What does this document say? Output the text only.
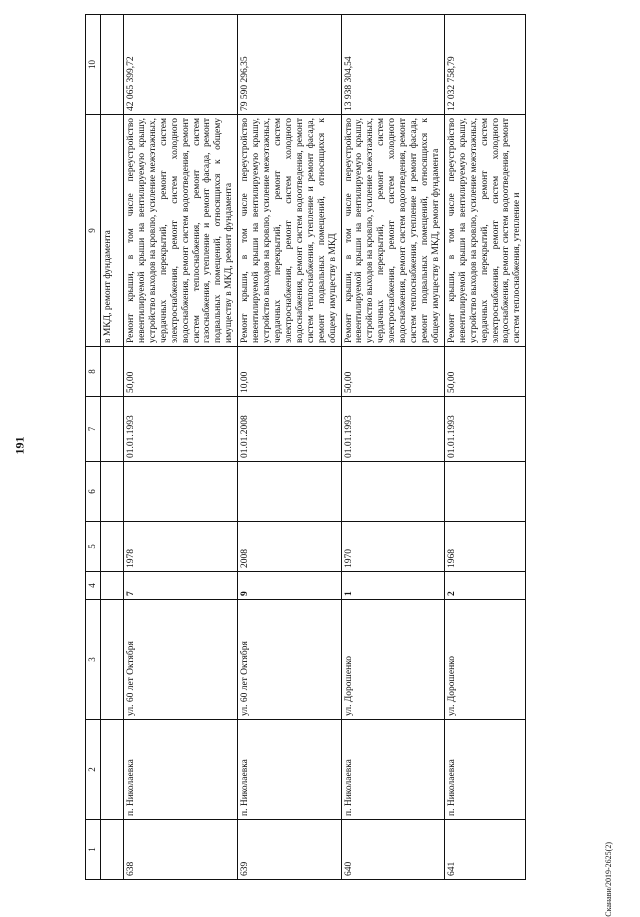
191
Сканави/2019-2625(2)
1	2	3	4	5	6	7	8	9	10
								в МКД, ремонт фундамента	
638	п. Николаевка	ул. 60 лет Октября	7	1978		01.01.1993	50,00	Ремонт крыши, в том числе переустройство невентилируемой крыши на вентилируемую крышу, устройство выходов на кровлю, усиление межэтажных, чердачных перекрытий, ремонт систем электроснабжения, ремонт систем холодного водоснабжения, ремонт систем водоотведения, ремонт систем теплоснабжения, ремонт систем газоснабжения, утепление и ремонт фасада, ремонт подвальных помещений, относящихся к общему имуществу в МКД, ремонт фундамента	42 065 399,72
639	п. Николаевка	ул. 60 лет Октября	9	2008		01.01.2008	10,00	Ремонт крыши, в том числе переустройство невентилируемой крыши на вентилируемую крышу, устройство выходов на кровлю, усиление межэтажных, чердачных перекрытий, ремонт систем электроснабжения, ремонт систем холодного водоснабжения, ремонт систем водоотведения, ремонт систем теплоснабжения, утепление и ремонт фасада, ремонт подвальных помещений, относящихся к общему имуществу в МКД	79 590 296,35
640	п. Николаевка	ул. Дорошенко	1	1970		01.01.1993	50,00	Ремонт крыши, в том числе переустройство невентилируемой крыши на вентилируемую крышу, устройство выходов на кровлю, усиление межэтажных, чердачных перекрытий, ремонт систем электроснабжения, ремонт систем холодного водоснабжения, ремонт систем водоотведения, ремонт систем теплоснабжения, утепление и ремонт фасада, ремонт подвальных помещений, относящихся к общему имуществу в МКД, ремонт фундамента	13 938 304,54
641	п. Николаевка	ул. Дорошенко	2	1968		01.01.1993	50,00	Ремонт крыши, в том числе переустройство невентилируемой крыши на вентилируемую крышу, устройство выходов на кровлю, усиление межэтажных, чердачных перекрытий, ремонт систем электроснабжения, ремонт систем холодного водоснабжения, ремонт систем водоотведения, ремонт систем теплоснабжения, утепление и	12 032 758,79
